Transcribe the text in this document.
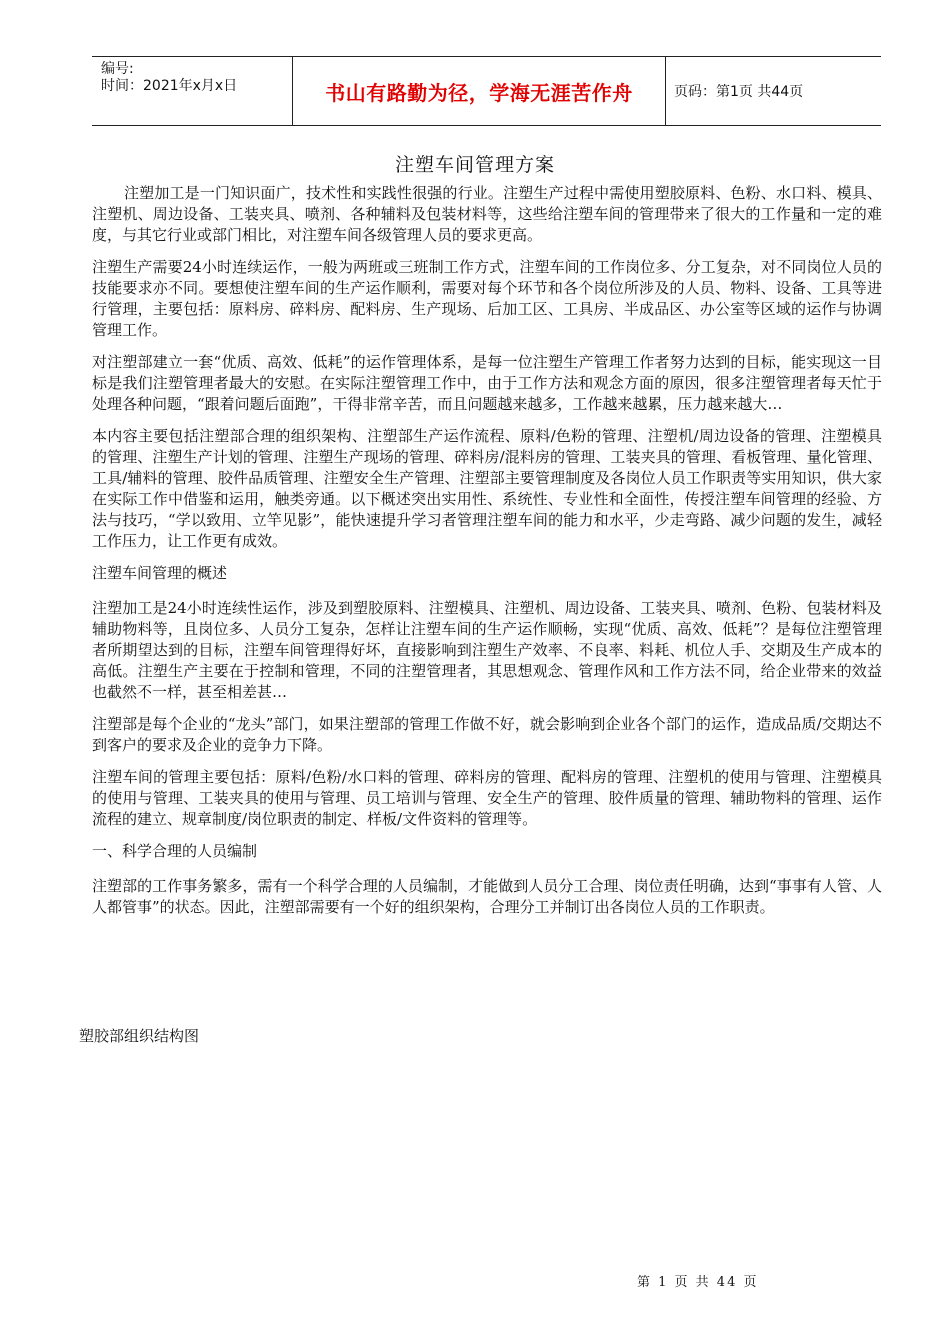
编号:
时间：2021年x月x日	书山有路勤为径，学海无涯苦作舟	页码：第1页 共44页
注塑车间管理方案

注塑加工是一门知识面广，技术性和实践性很强的行业。注塑生产过程中需使用塑胶原料、色粉、水口料、模具、注塑机、周边设备、工装夹具、喷剂、各种辅料及包装材料等，这些给注塑车间的管理带来了很大的工作量和一定的难度，与其它行业或部门相比，对注塑车间各级管理人员的要求更高。

注塑生产需要24小时连续运作，一般为两班或三班制工作方式，注塑车间的工作岗位多、分工复杂，对不同岗位人员的技能要求亦不同。要想使注塑车间的生产运作顺利，需要对每个环节和各个岗位所涉及的人员、物料、设备、工具等进行管理，主要包括：原料房、碎料房、配料房、生产现场、后加工区、工具房、半成品区、办公室等区域的运作与协调管理工作。

对注塑部建立一套“优质、高效、低耗”的运作管理体系，是每一位注塑生产管理工作者努力达到的目标，能实现这一目标是我们注塑管理者最大的安慰。在实际注塑管理工作中，由于工作方法和观念方面的原因，很多注塑管理者每天忙于处理各种问题，“跟着问题后面跑”，干得非常辛苦，而且问题越来越多，工作越来越累，压力越来越大…

本内容主要包括注塑部合理的组织架构、注塑部生产运作流程、原料/色粉的管理、注塑机/周边设备的管理、注塑模具的管理、注塑生产计划的管理、注塑生产现场的管理、碎料房/混料房的管理、工装夹具的管理、看板管理、量化管理、工具/辅料的管理、胶件品质管理、注塑安全生产管理、注塑部主要管理制度及各岗位人员工作职责等实用知识，供大家在实际工作中借鉴和运用，触类旁通。以下概述突出实用性、系统性、专业性和全面性，传授注塑车间管理的经验、方法与技巧，“学以致用、立竿见影”，能快速提升学习者管理注塑车间的能力和水平，少走弯路、减少问题的发生，减轻工作压力，让工作更有成效。

注塑车间管理的概述

注塑加工是24小时连续性运作，涉及到塑胶原料、注塑模具、注塑机、周边设备、工装夹具、喷剂、色粉、包装材料及辅助物料等，且岗位多、人员分工复杂，怎样让注塑车间的生产运作顺畅，实现“优质、高效、低耗”？是每位注塑管理者所期望达到的目标，注塑车间管理得好坏，直接影响到注塑生产效率、不良率、料耗、机位人手、交期及生产成本的高低。注塑生产主要在于控制和管理，不同的注塑管理者，其思想观念、管理作风和工作方法不同，给企业带来的效益也截然不一样，甚至相差甚…

注塑部是每个企业的“龙头”部门，如果注塑部的管理工作做不好，就会影响到企业各个部门的运作，造成品质/交期达不到客户的要求及企业的竞争力下降。

注塑车间的管理主要包括：原料/色粉/水口料的管理、碎料房的管理、配料房的管理、注塑机的使用与管理、注塑模具的使用与管理、工装夹具的使用与管理、员工培训与管理、安全生产的管理、胶件质量的管理、辅助物料的管理、运作流程的建立、规章制度/岗位职责的制定、样板/文件资料的管理等。

一、科学合理的人员编制

注塑部的工作事务繁多，需有一个科学合理的人员编制，才能做到人员分工合理、岗位责任明确，达到“事事有人管、人人都管事”的状态。因此，注塑部需要有一个好的组织架构，合理分工并制订出各岗位人员的工作职责。

塑胶部组织结构图
第 1 页 共 44 页
